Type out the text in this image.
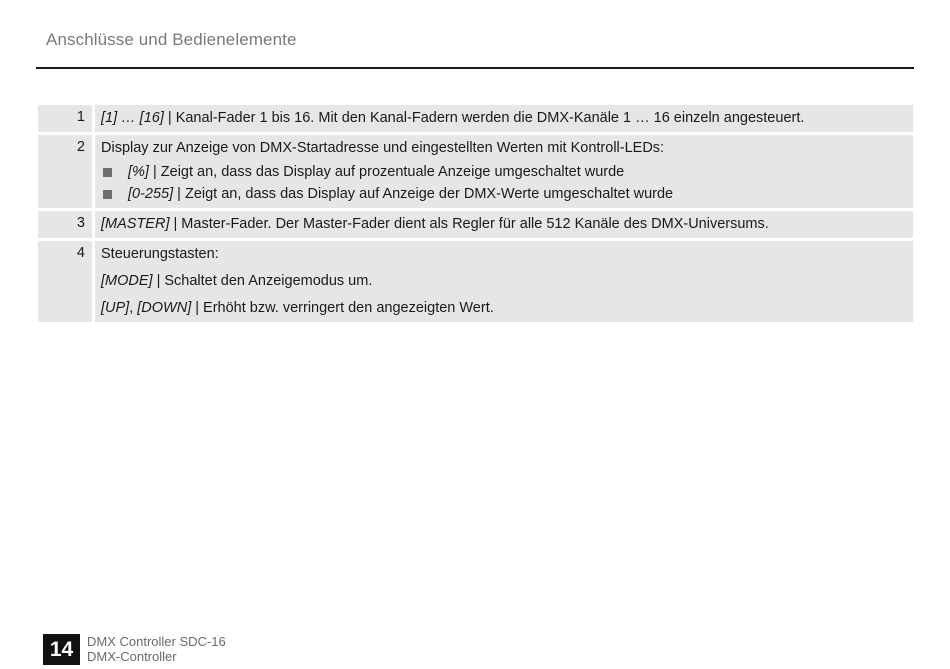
Anschlüsse und Bedienelemente
1	[1] … [16] | Kanal-Fader 1 bis 16. Mit den Kanal-Fadern werden die DMX-Kanäle 1 … 16 einzeln angesteuert.
2	Display zur Anzeige von DMX-Startadresse und eingestellten Werten mit Kontroll-LEDs:
[%] | Zeigt an, dass das Display auf prozentuale Anzeige umgeschaltet wurde
[0-255] | Zeigt an, dass das Display auf Anzeige der DMX-Werte umgeschaltet wurde
3	[MASTER] | Master-Fader. Der Master-Fader dient als Regler für alle 512 Kanäle des DMX-Universums.
4	Steuerungstasten:
[MODE] | Schaltet den Anzeigemodus um.
[UP], [DOWN] | Erhöht bzw. verringert den angezeigten Wert.
14	DMX Controller SDC-16
DMX-Controller
